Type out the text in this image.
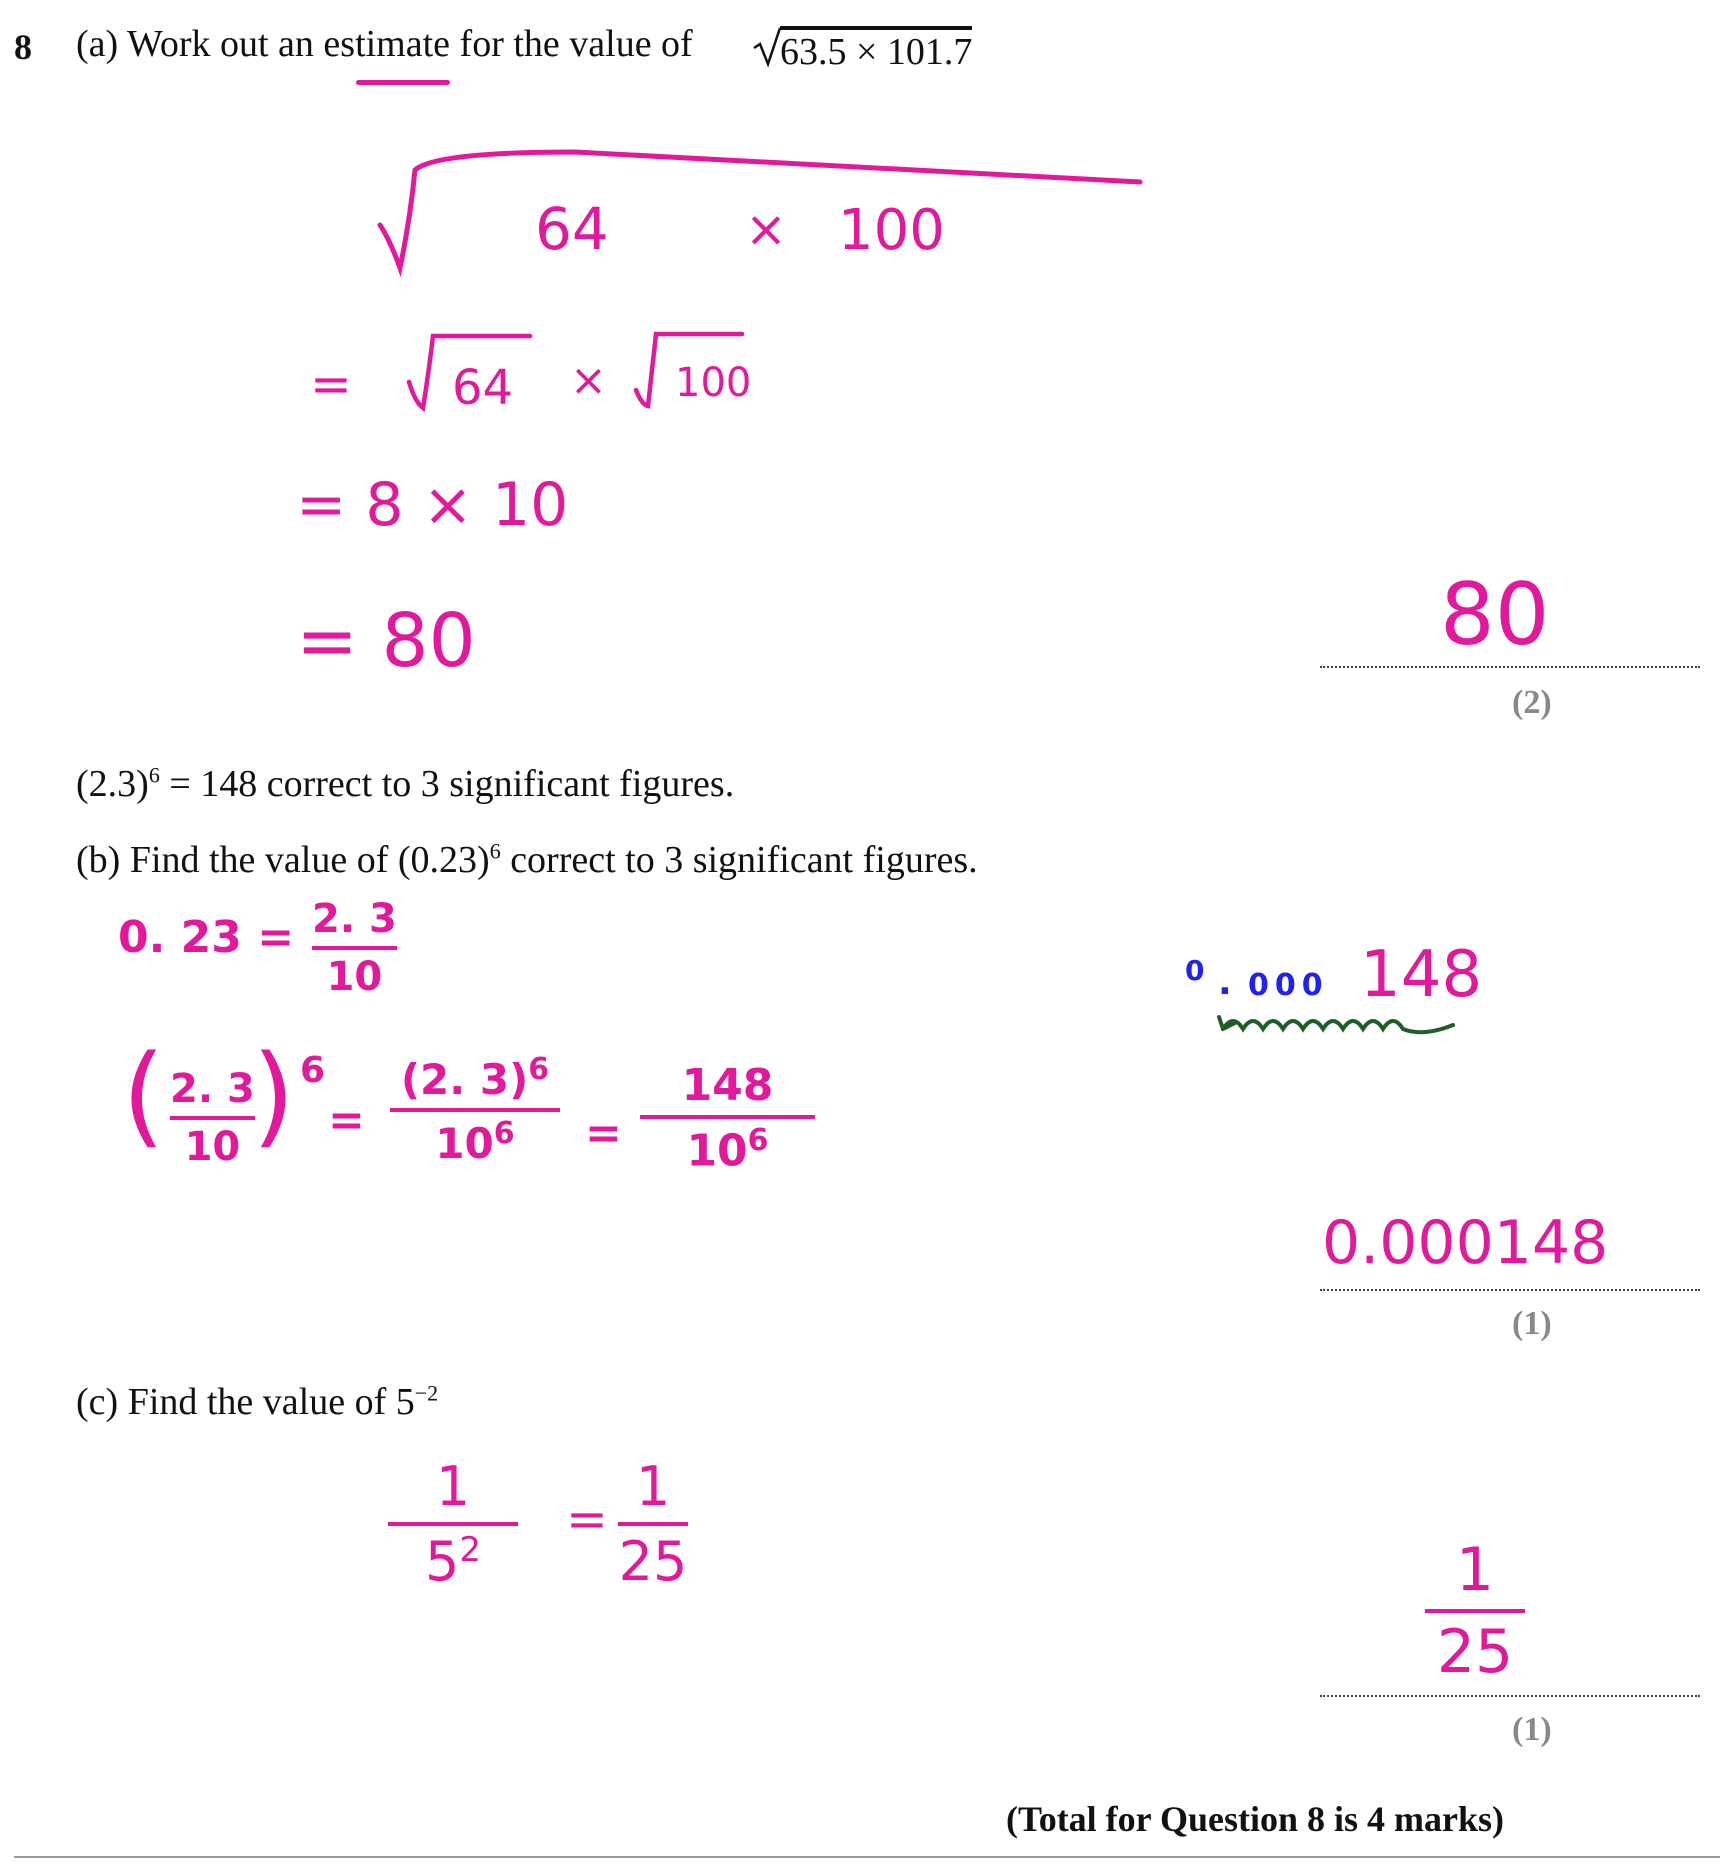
8 (a) Work out an estimate for the value of 63.5 × 101.7
64	× 100
= 64 × 100
= 8 × 10
= 80	80
(2)
$(2.3)^6 = 148$ correct to 3 significant figures.
(b) Find the value of $(0.23)^6$ correct to 3 significant figures.
0. 23 = 2. 3
10
( 2. 3
10 ) 6
=
(2. 3)$^6$
$10^6$ =
148
$10^6$
0 . 000 148
0.000148
(1)
(c) Find the value of $5^{-2}$
1
$5^2$
=
1
25	1
25
(1)
(Total for Question 8 is 4 marks)
